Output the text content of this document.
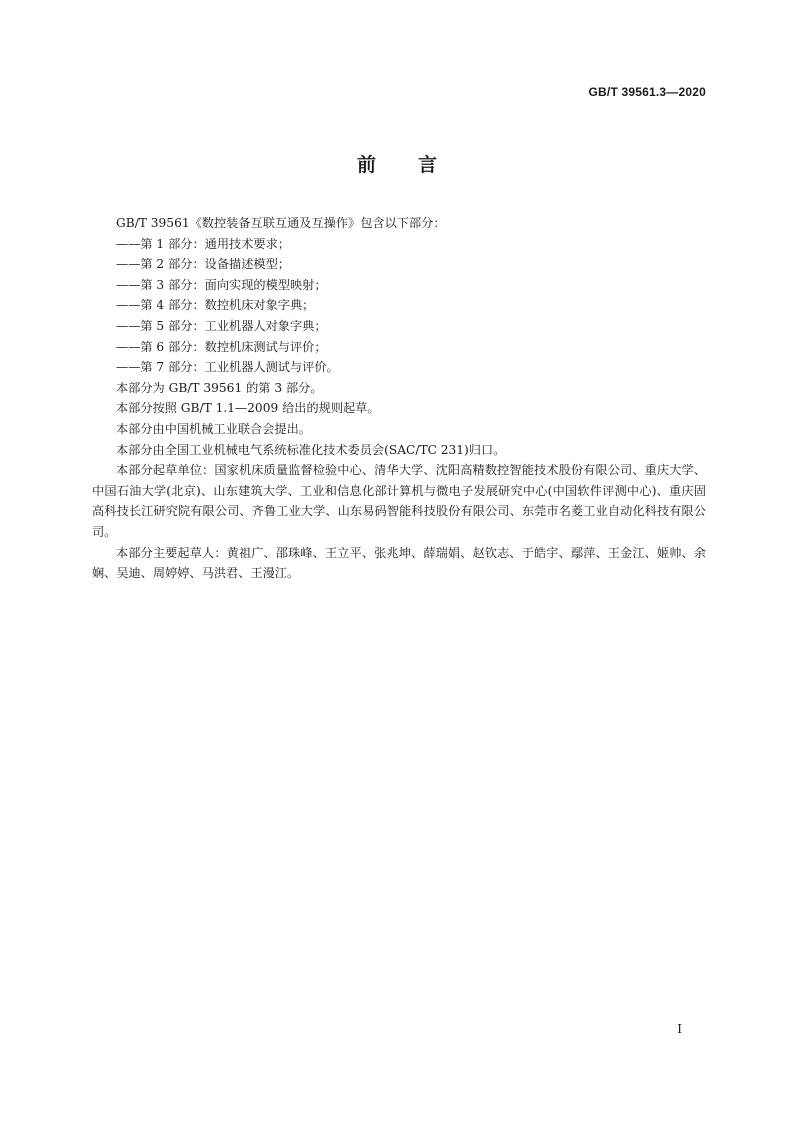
GB/T 39561.3—2020
前言

GB/T 39561《数控装备互联互通及互操作》包含以下部分：

——第 1 部分：通用技术要求；

——第 2 部分：设备描述模型；

——第 3 部分：面向实现的模型映射；

——第 4 部分：数控机床对象字典；

——第 5 部分：工业机器人对象字典；

——第 6 部分：数控机床测试与评价；

——第 7 部分：工业机器人测试与评价。

本部分为 GB/T 39561 的第 3 部分。

本部分按照 GB/T 1.1—2009 给出的规则起草。

本部分由中国机械工业联合会提出。

本部分由全国工业机械电气系统标准化技术委员会(SAC/TC 231)归口。

本部分起草单位：国家机床质量监督检验中心、清华大学、沈阳高精数控智能技术股份有限公司、重庆大学、中国石油大学(北京)、山东建筑大学、工业和信息化部计算机与微电子发展研究中心(中国软件评测中心)、重庆固高科技长江研究院有限公司、齐鲁工业大学、山东易码智能科技股份有限公司、东莞市名菱工业自动化科技有限公司。

本部分主要起草人：黄祖广、邵珠峰、王立平、张兆坤、薛瑞娟、赵钦志、于皓宇、鄢萍、王金江、姬帅、余娴、吴迪、周婷婷、马洪君、王漫江。

I
